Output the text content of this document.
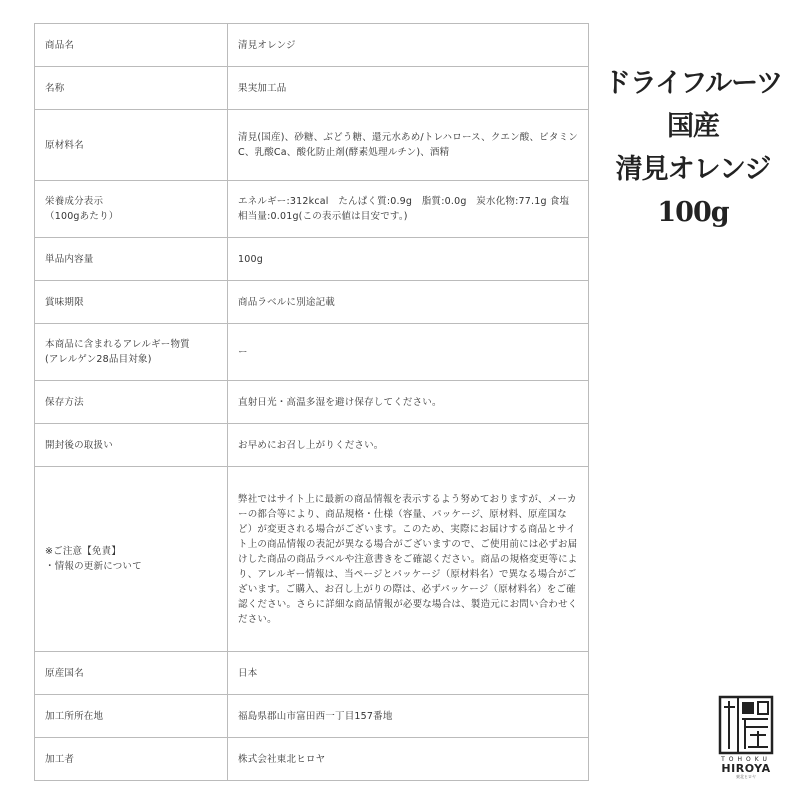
商品名	清見オレンジ
名称	果実加工品
原材料名	清見(国産)、砂糖、ぶどう糖、還元水あめ/トレハロース、クエン酸、ビタミンC、乳酸Ca、酸化防止剤(酵素処理ルチン)、酒精
栄養成分表示
（100gあたり）	エネルギー:312kcal　たんぱく質:0.9g　脂質:0.0g　炭水化物:77.1g 食塩相当量:0.01g(この表示値は目安です。)
単品内容量	100g
賞味期限	商品ラベルに別途記載
本商品に含まれるアレルギー物質
(アレルゲン28品目対象)	ー
保存方法	直射日光・高温多湿を避け保存してください。
開封後の取扱い	お早めにお召し上がりください。
※ご注意【免責】
・情報の更新について	弊社ではサイト上に最新の商品情報を表示するよう努めておりますが、メーカーの都合等により、商品規格・仕様（容量、パッケージ、原材料、原産国など）が変更される場合がございます。このため、実際にお届けする商品とサイト上の商品情報の表記が異なる場合がございますので、ご使用前には必ずお届けした商品の商品ラベルや注意書きをご確認ください。商品の規格変更等により、アレルギー情報は、当ページとパッケージ（原材料名）で異なる場合がございます。ご購入、お召し上がりの際は、必ずパッケージ（原材料名）をご確認ください。さらに詳細な商品情報が必要な場合は、製造元にお問い合わせください。
原産国名	日本
加工所所在地	福島県郡山市富田西一丁目157番地
加工者	株式会社東北ヒロヤ
ドライフルーツ
国産
清見オレンジ
100g
TOHOKU
HIROYA
東北ヒロヤ
